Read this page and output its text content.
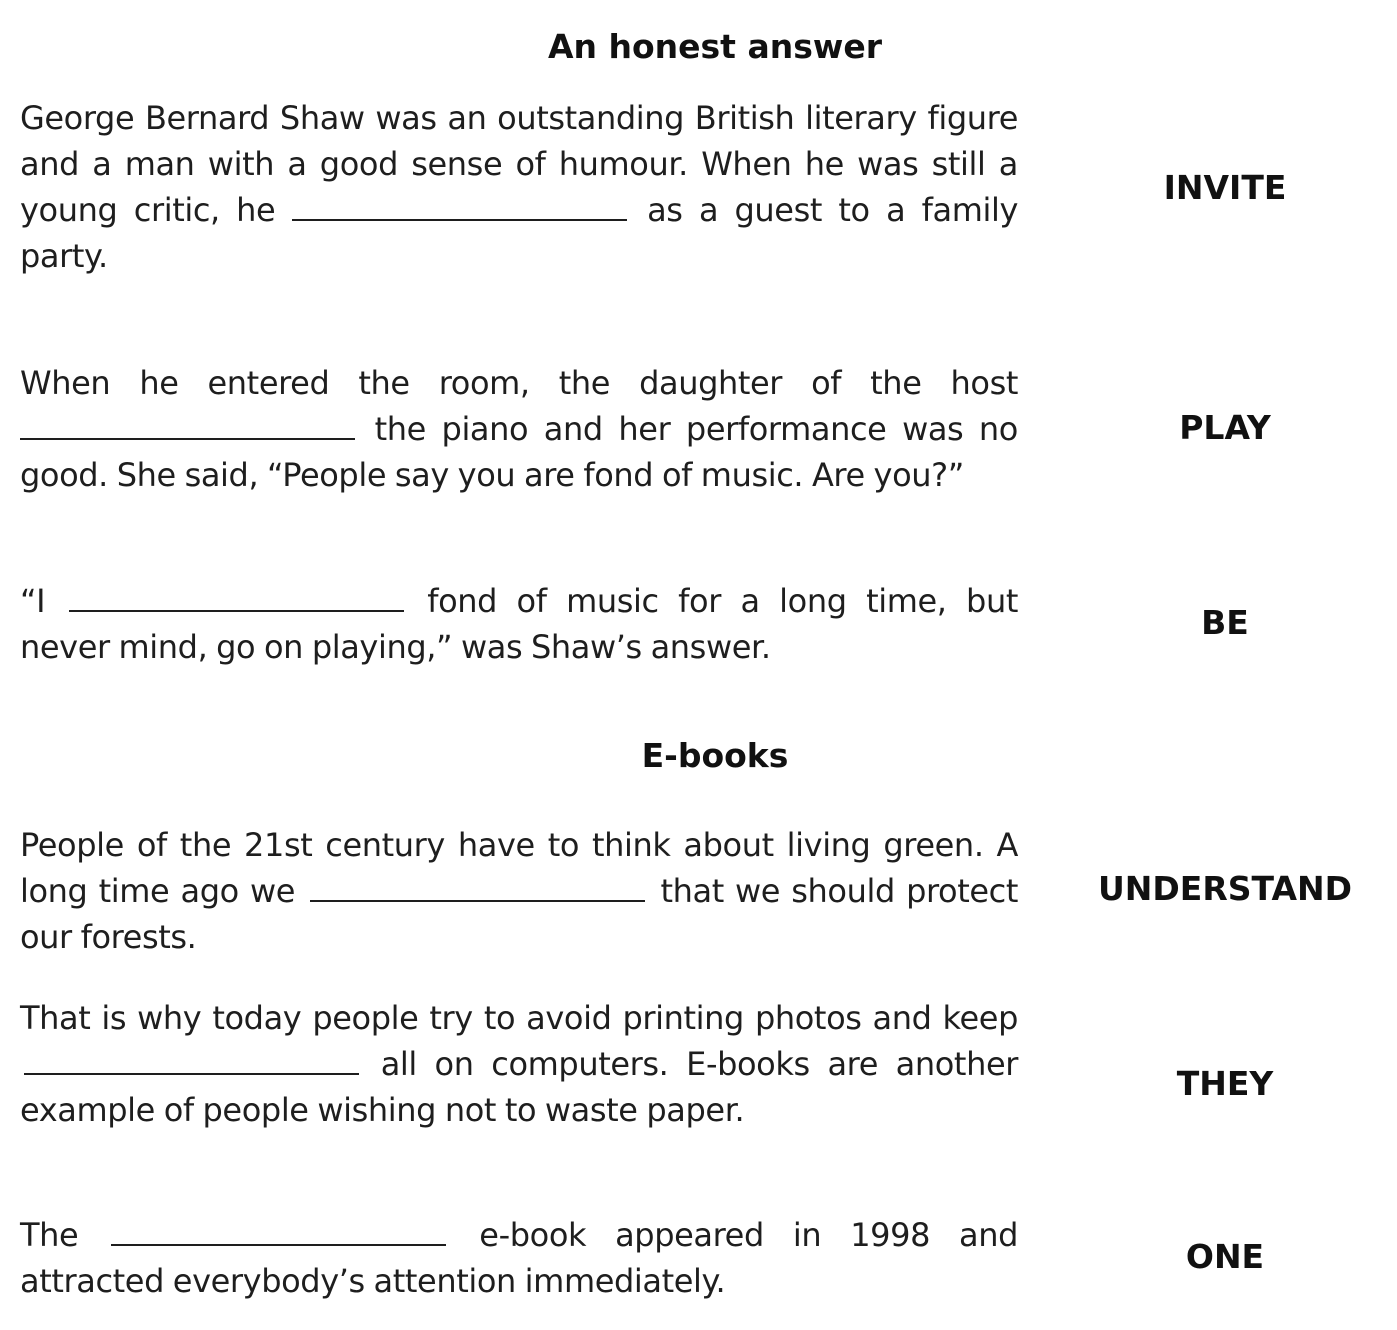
An honest answer
George Bernard Shaw was an outstanding British literary figure and a man with a good sense of humour. When he was still a young critic, he	as a guest to a family party.
INVITE
When he entered the room, the daughter of the host  the piano and her performance was no good. She said, “People say you are fond of music. Are you?”
PLAY
“I	fond of music for a long time, but never mind, go on playing,” was Shaw’s answer.
BE
E-books
People of the 21st century have to think about living green. A long time ago we	that we should protect our forests.
UNDERSTAND
That is why today people try to avoid printing photos and keep  all on computers. E-books are another example of people wishing not to waste paper.
THEY
The	e-book appeared in 1998 and attracted everybody’s attention immediately.
ONE
